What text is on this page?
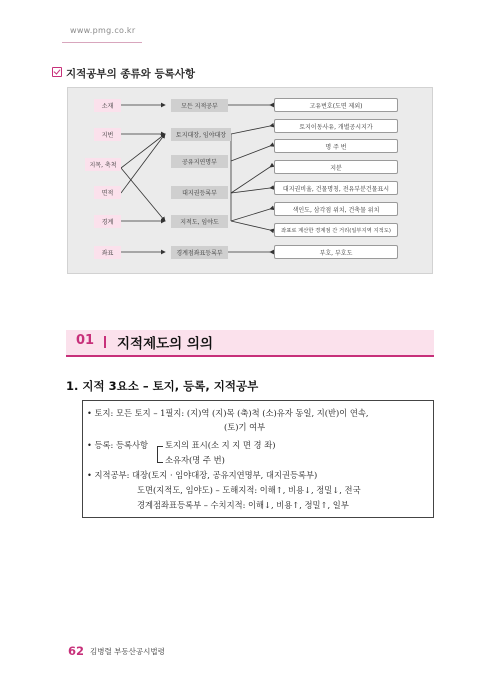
www.pmg.co.kr
지적공부의 종류와 등록사항
소재
지번
지목, 축척
면적
경계
좌표
모든 지적공부
토지대장, 임야대장
공유지연명부
대지권등록부
지적도, 임야도
경계점좌표등록부
고유번호(도면 제외)
토지이동사유, 개별공시지가
명 주 번
지분
대지권비율, 건물명칭, 전유부분건물표시
색인도, 삼각점 위치, 건축물 위치
좌표로 계산한 경계점 간 거리(일부지역 지적도)
부호, 부호도
01 지적제도의 의의
1. 지적 3요소 – 토지, 등록, 지적공부
• 토지: 모든 토지 – 1필지: (지)역 (지)목 (축)척 (소)유자 동일, 지(반)이 연속,
(토)기 여부
• 등록: 등록사항 토지의 표시(소 지 지 면 경 좌)
소유자(명 주 번)
• 지적공부: 대장(토지 · 임야대장, 공유지연명부, 대지권등록부)
도면(지적도, 임야도) – 도해지적: 이해↑, 비용↓, 정밀↓, 전국
경계점좌표등록부 – 수치지적: 이해↓, 비용↑, 정밀↑, 일부
62 김병렬 부동산공시법령
